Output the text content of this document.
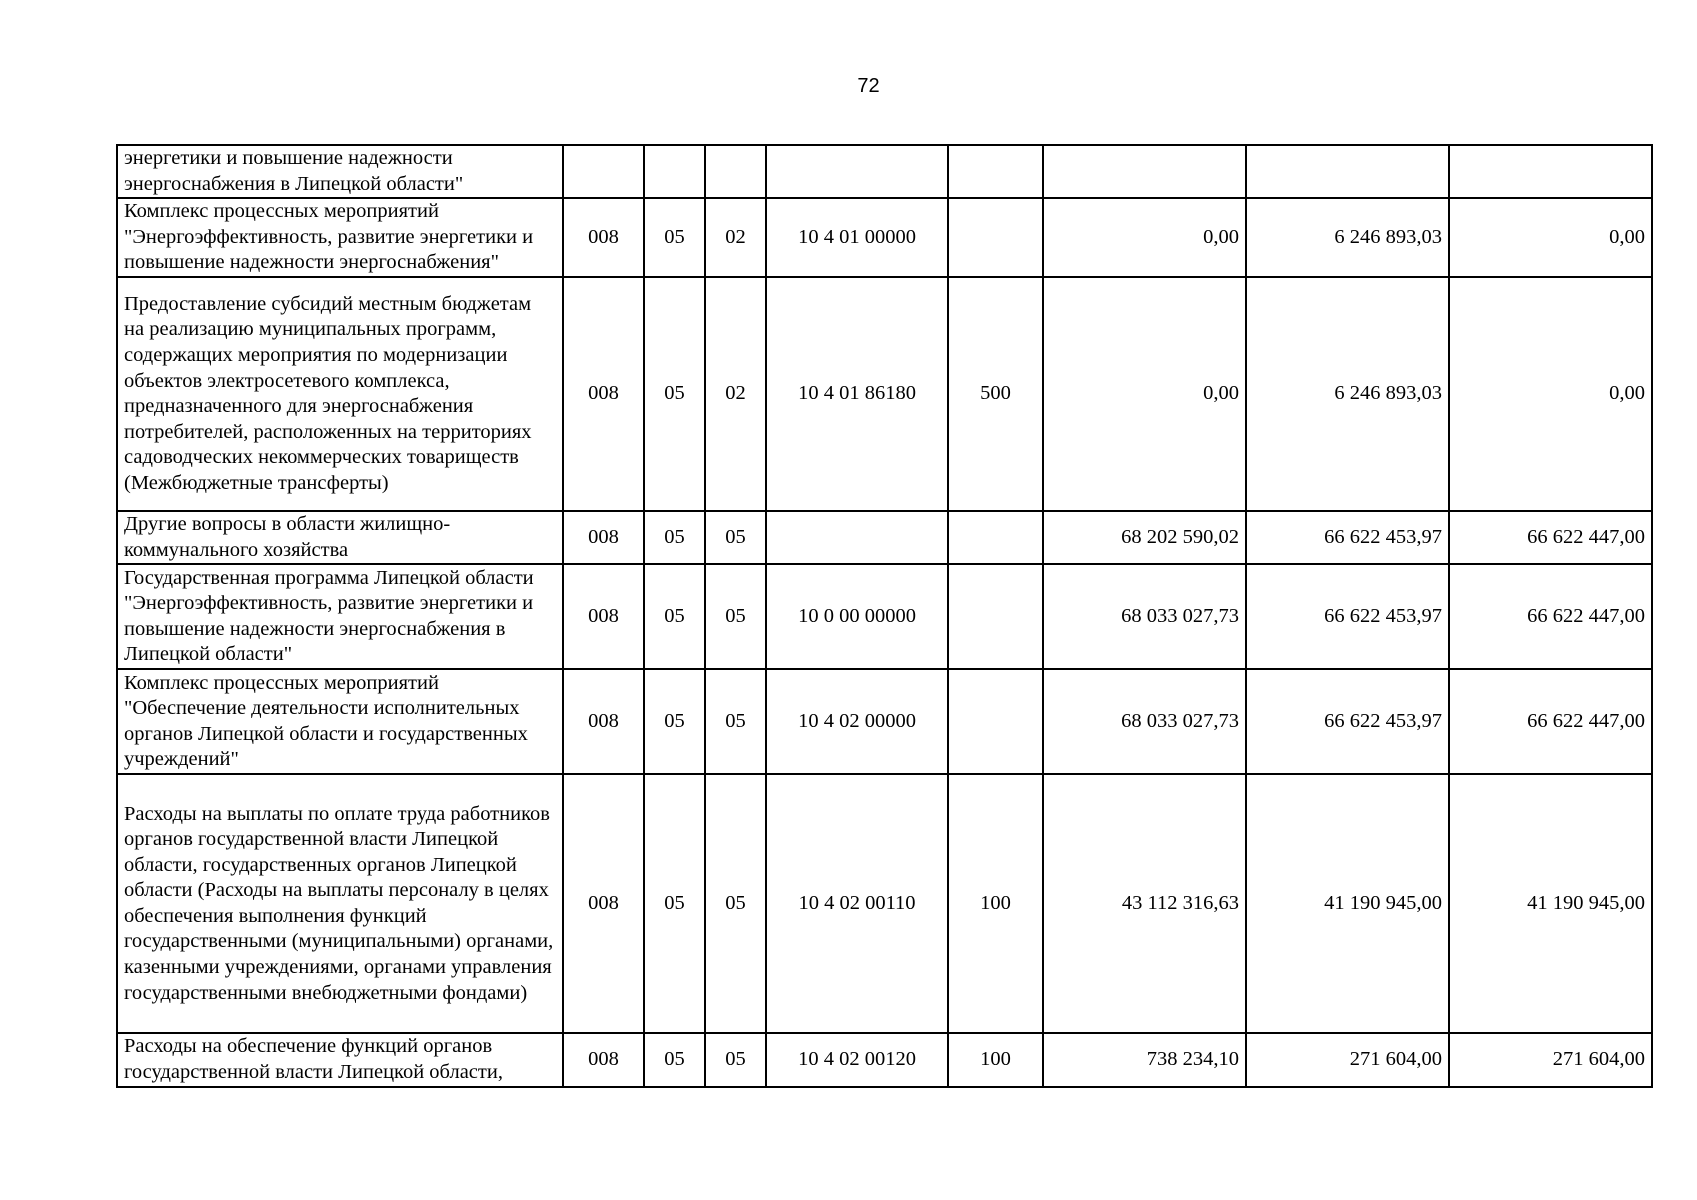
72
энергетики и повышение надежности энергоснабжения в Липецкой области"								
Комплекс процессных мероприятий "Энергоэффективность, развитие энергетики и повышение надежности энергоснабжения"	008	05	02	10 4 01 00000		0,00	6 246 893,03	0,00
Предоставление субсидий местным бюджетам на реализацию муниципальных программ, содержащих мероприятия по модернизации объектов электросетевого комплекса, предназначенного для энергоснабжения потребителей, расположенных на территориях садоводческих некоммерческих товариществ (Межбюджетные трансферты)	008	05	02	10 4 01 86180	500	0,00	6 246 893,03	0,00
Другие вопросы в области жилищно-коммунального хозяйства	008	05	05			68 202 590,02	66 622 453,97	66 622 447,00
Государственная программа Липецкой области "Энергоэффективность, развитие энергетики и повышение надежности энергоснабжения в Липецкой области"	008	05	05	10 0 00 00000		68 033 027,73	66 622 453,97	66 622 447,00
Комплекс процессных мероприятий "Обеспечение деятельности исполнительных органов Липецкой области и государственных учреждений"	008	05	05	10 4 02 00000		68 033 027,73	66 622 453,97	66 622 447,00
Расходы на выплаты по оплате труда работников органов государственной власти Липецкой области, государственных органов Липецкой области (Расходы на выплаты персоналу в целях обеспечения выполнения функций государственными (муниципальными) органами, казенными учреждениями, органами управления государственными внебюджетными фондами)	008	05	05	10 4 02 00110	100	43 112 316,63	41 190 945,00	41 190 945,00
Расходы на обеспечение функций органов государственной власти Липецкой области,	008	05	05	10 4 02 00120	100	738 234,10	271 604,00	271 604,00
